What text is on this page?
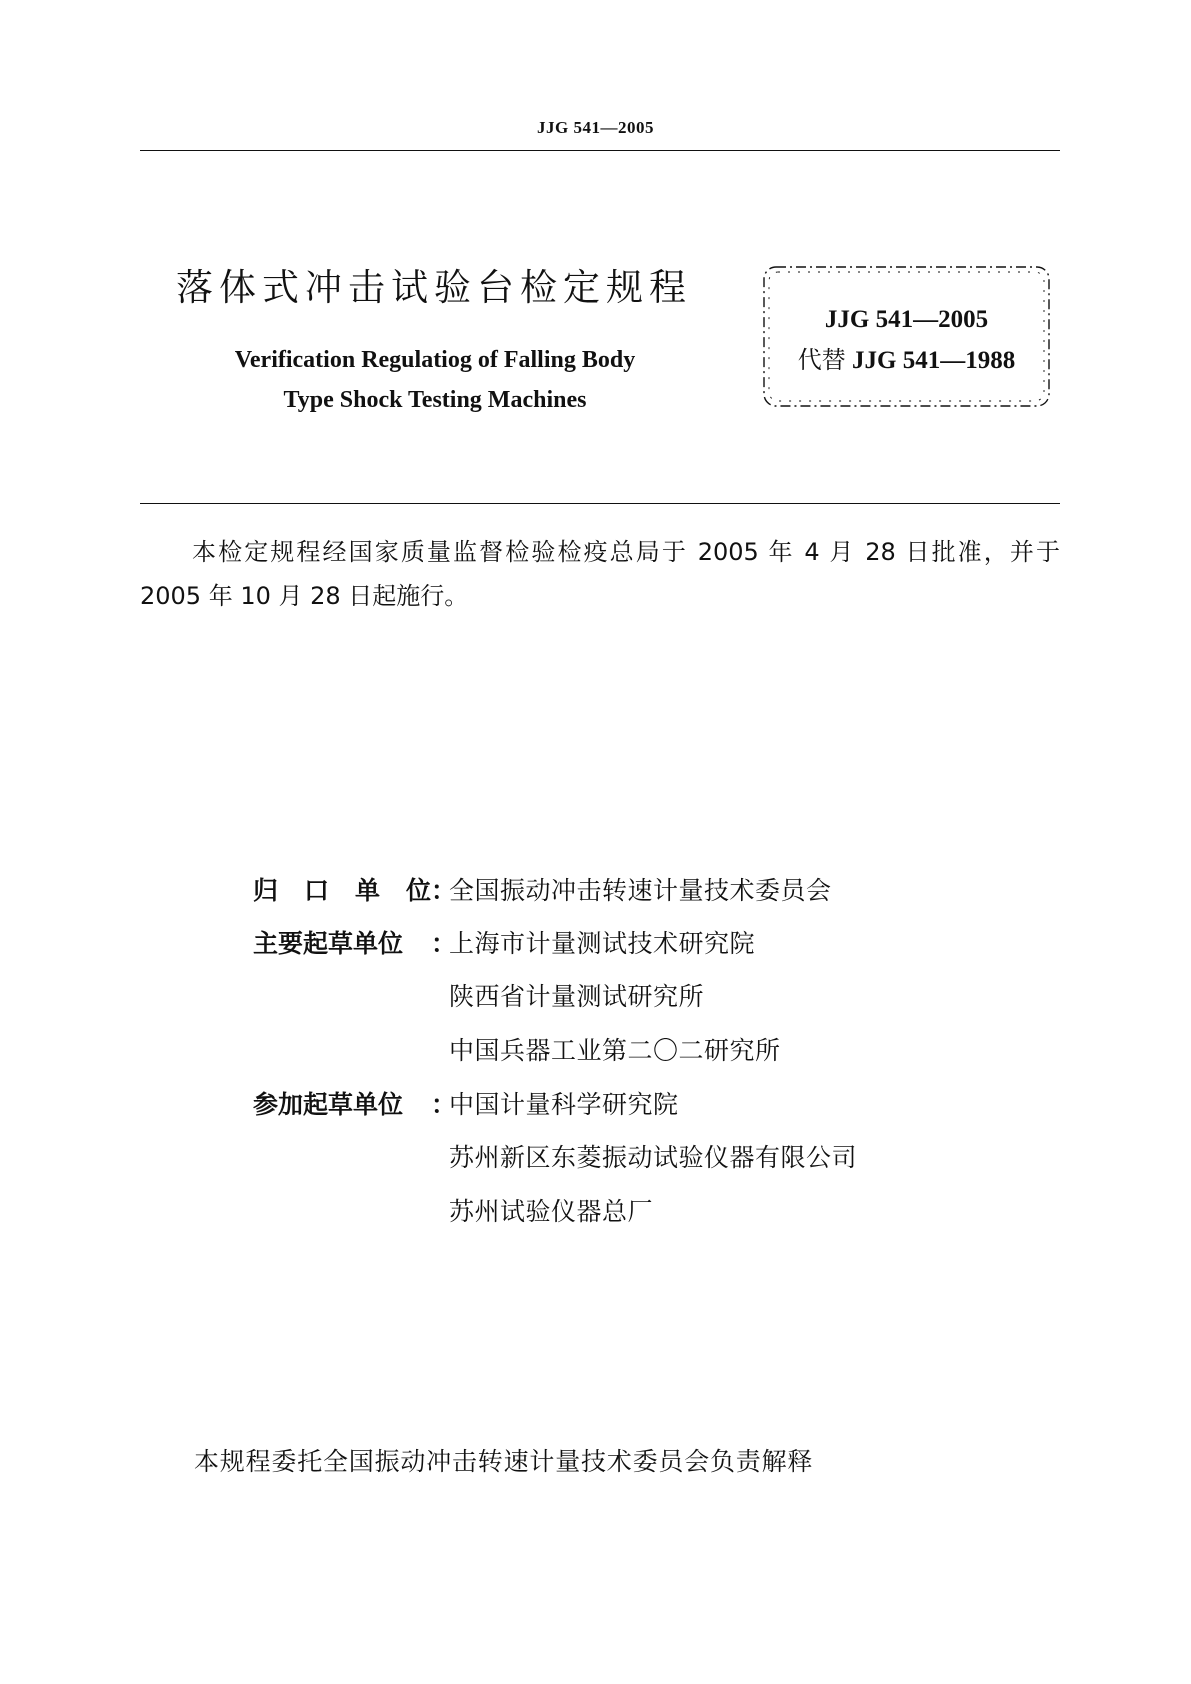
JJG 541—2005
落体式冲击试验台检定规程
Verification Regulatiog of Falling Body
Type Shock Testing Machines
JJG 541—2005
代替 JJG 541—1988

本检定规程经国家质量监督检验检疫总局于 2005 年 4 月 28 日批准，并于 2005 年 10 月 28 日起施行。

归 口 单 位 ：
全国振动冲击转速计量技术委员会
主要起草单位	：
上海市计量测试技术研究院
陕西省计量测试研究所
中国兵器工业第二〇二研究所
参加起草单位	：
中国计量科学研究院
苏州新区东菱振动试验仪器有限公司
苏州试验仪器总厂
本规程委托全国振动冲击转速计量技术委员会负责解释
